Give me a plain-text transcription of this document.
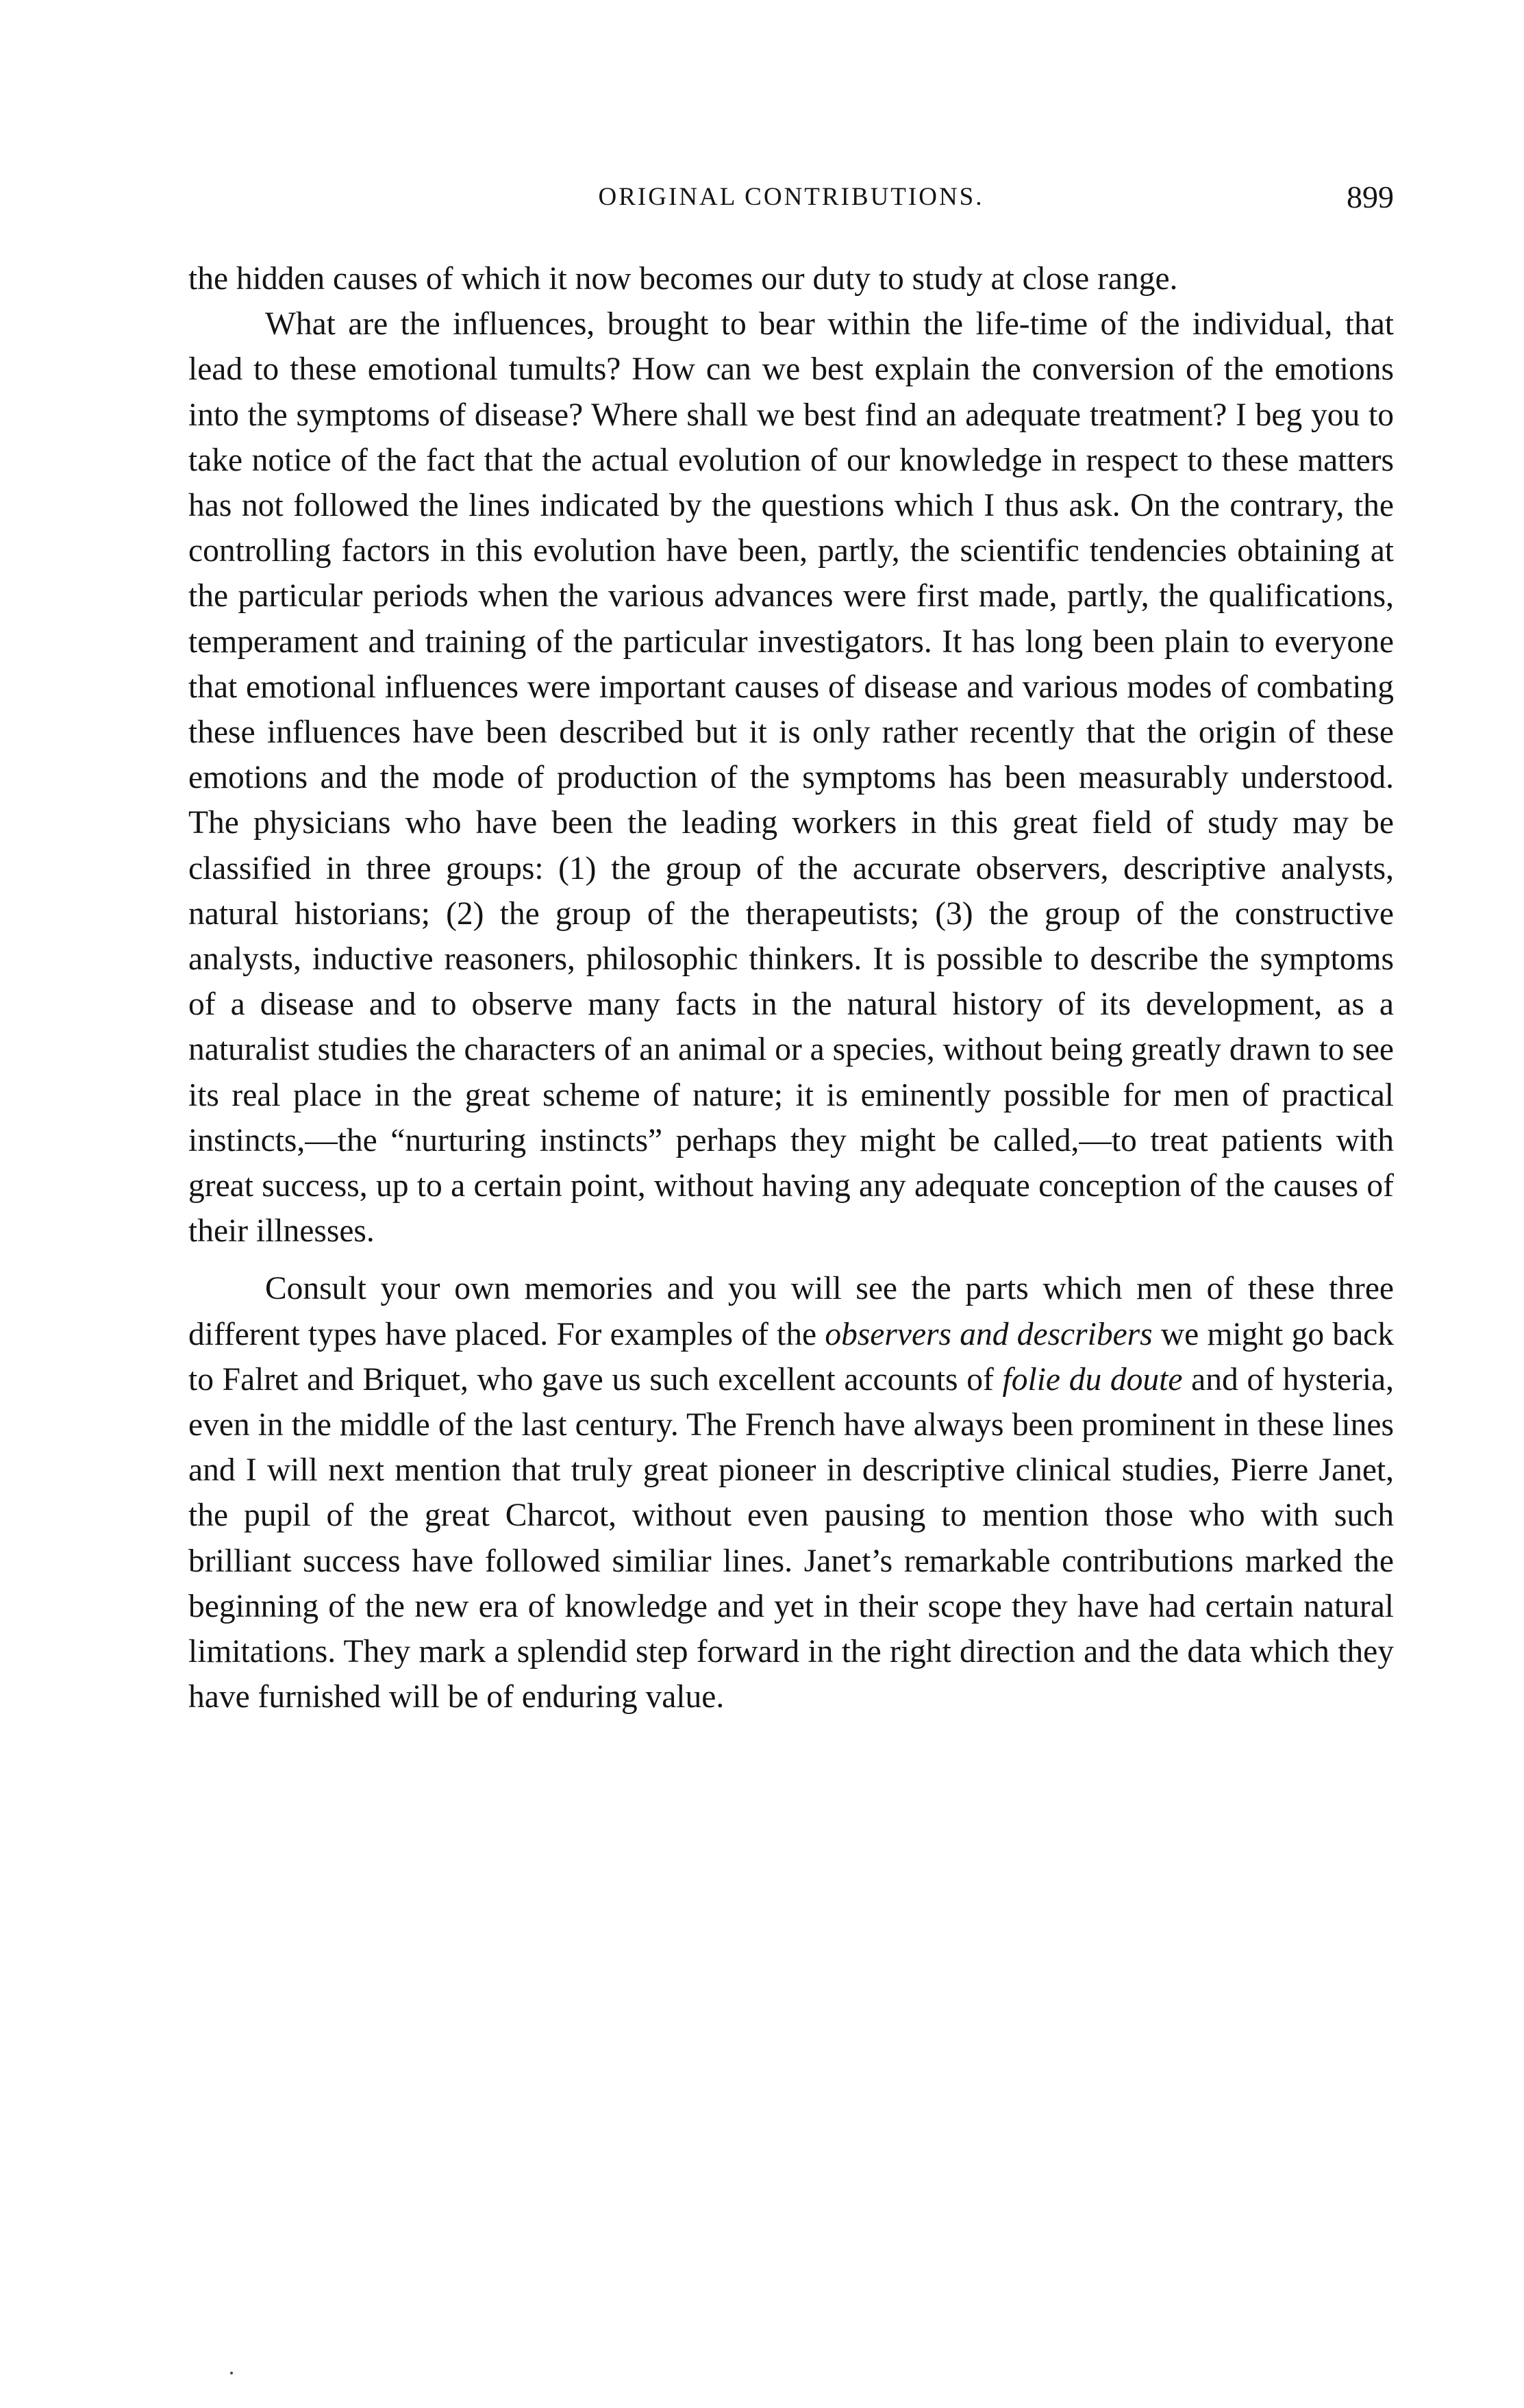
ORIGINAL CONTRIBUTIONS.	899

the hidden causes of which it now becomes our duty to study at close range.

What are the influences, brought to bear within the life-time of the individual, that lead to these emotional tumults? How can we best explain the conversion of the emotions into the symptoms of disease? Where shall we best find an adequate treatment? I beg you to take notice of the fact that the actual evolution of our knowledge in respect to these matters has not followed the lines indicated by the questions which I thus ask. On the contrary, the controlling factors in this evolution have been, partly, the scientific tendencies obtaining at the particular periods when the various advances were first made, partly, the qualifications, temperament and training of the particular investigators. It has long been plain to everyone that emotional influences were important causes of disease and various modes of combating these influences have been described but it is only rather recently that the origin of these emotions and the mode of production of the symptoms has been measurably understood. The physicians who have been the leading workers in this great field of study may be classified in three groups: (1) the group of the accurate observers, descriptive analysts, natural historians; (2) the group of the therapeutists; (3) the group of the constructive analysts, inductive reasoners, philosophic thinkers. It is possible to describe the symptoms of a disease and to observe many facts in the natural history of its development, as a naturalist studies the characters of an animal or a species, without being greatly drawn to see its real place in the great scheme of nature; it is eminently possible for men of practical instincts,—the “nurturing instincts” perhaps they might be called,—to treat patients with great success, up to a certain point, without having any adequate conception of the causes of their illnesses.

Consult your own memories and you will see the parts which men of these three different types have placed. For examples of the observers and describers we might go back to Falret and Briquet, who gave us such excellent accounts of folie du doute and of hysteria, even in the middle of the last century. The French have always been prominent in these lines and I will next mention that truly great pioneer in descriptive clinical studies, Pierre Janet, the pupil of the great Charcot, without even pausing to mention those who with such brilliant success have followed similiar lines. Janet’s remarkable contributions marked the beginning of the new era of knowledge and yet in their scope they have had certain natural limitations. They mark a splendid step forward in the right direction and the data which they have furnished will be of enduring value.
